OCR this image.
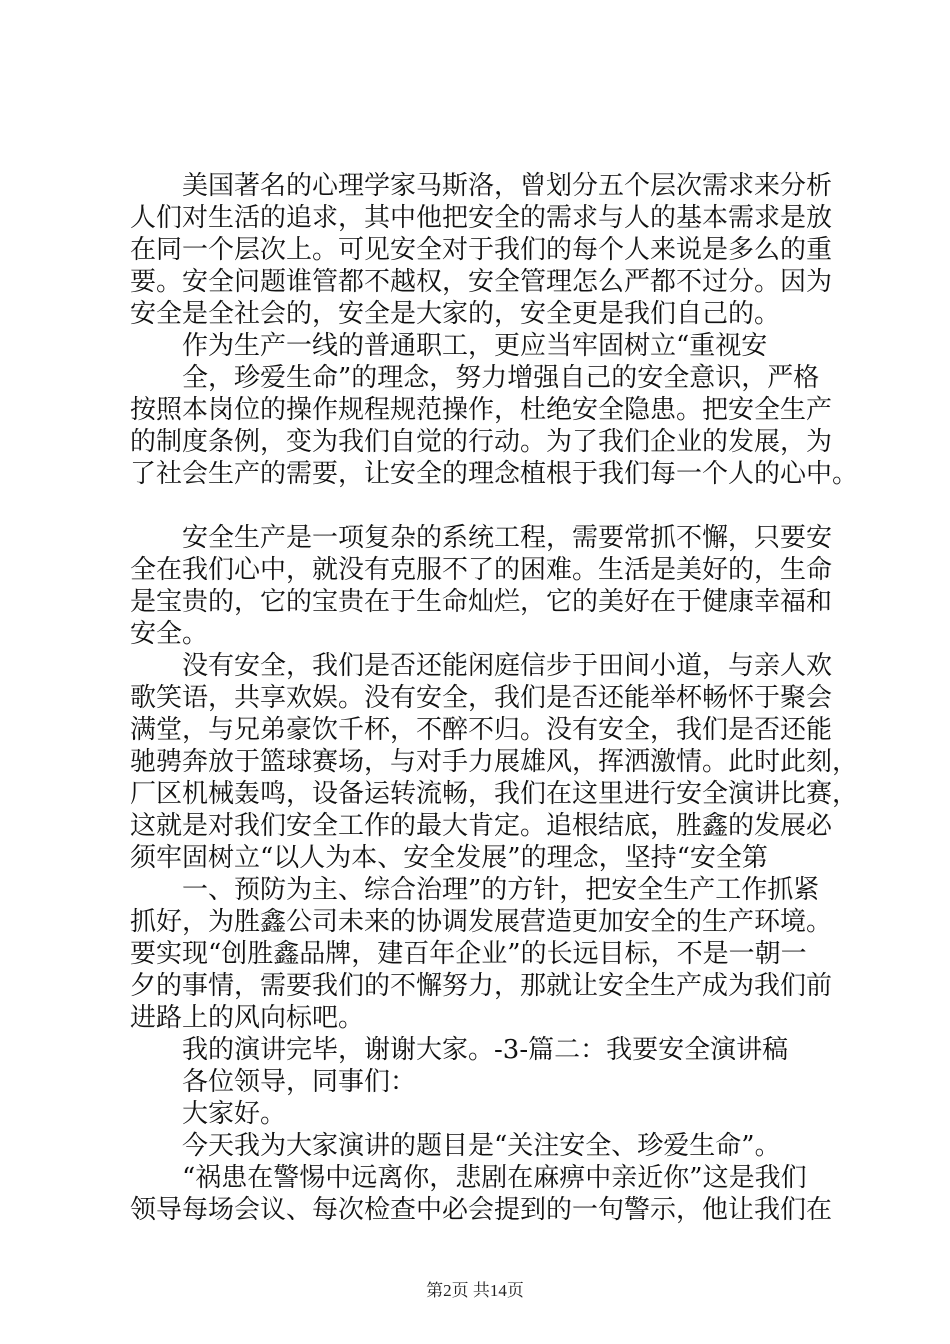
美国著名的心理学家马斯洛，曾划分五个层次需求来分析
人们对生活的追求，其中他把安全的需求与人的基本需求是放
在同一个层次上。可见安全对于我们的每个人来说是多么的重
要。安全问题谁管都不越权，安全管理怎么严都不过分。因为
安全是全社会的，安全是大家的，安全更是我们自己的。
作为生产一线的普通职工，更应当牢固树立“重视安
全，珍爱生命”的理念，努力增强自己的安全意识，严格
按照本岗位的操作规程规范操作，杜绝安全隐患。把安全生产
的制度条例，变为我们自觉的行动。为了我们企业的发展，为
了社会生产的需要，让安全的理念植根于我们每一个人的心中。
安全生产是一项复杂的系统工程，需要常抓不懈，只要安
全在我们心中，就没有克服不了的困难。生活是美好的，生命
是宝贵的，它的宝贵在于生命灿烂，它的美好在于健康幸福和
安全。
没有安全，我们是否还能闲庭信步于田间小道，与亲人欢
歌笑语，共享欢娱。没有安全，我们是否还能举杯畅怀于聚会
满堂，与兄弟豪饮千杯，不醉不归。没有安全，我们是否还能
驰骋奔放于篮球赛场，与对手力展雄风，挥洒激情。此时此刻，
厂区机械轰鸣，设备运转流畅，我们在这里进行安全演讲比赛，
这就是对我们安全工作的最大肯定。追根结底，胜鑫的发展必
须牢固树立“以人为本、安全发展”的理念，坚持“安全第
一、预防为主、综合治理”的方针，把安全生产工作抓紧
抓好，为胜鑫公司未来的协调发展营造更加安全的生产环境。
要实现“创胜鑫品牌，建百年企业”的长远目标，不是一朝一
夕的事情，需要我们的不懈努力，那就让安全生产成为我们前
进路上的风向标吧。
我的演讲完毕，谢谢大家。-3-篇二：我要安全演讲稿
各位领导，同事们：
大家好。
今天我为大家演讲的题目是“关注安全、珍爱生命”。
“祸患在警惕中远离你，悲剧在麻痹中亲近你”这是我们
领导每场会议、每次检查中必会提到的一句警示，他让我们在
第2页 共14页
